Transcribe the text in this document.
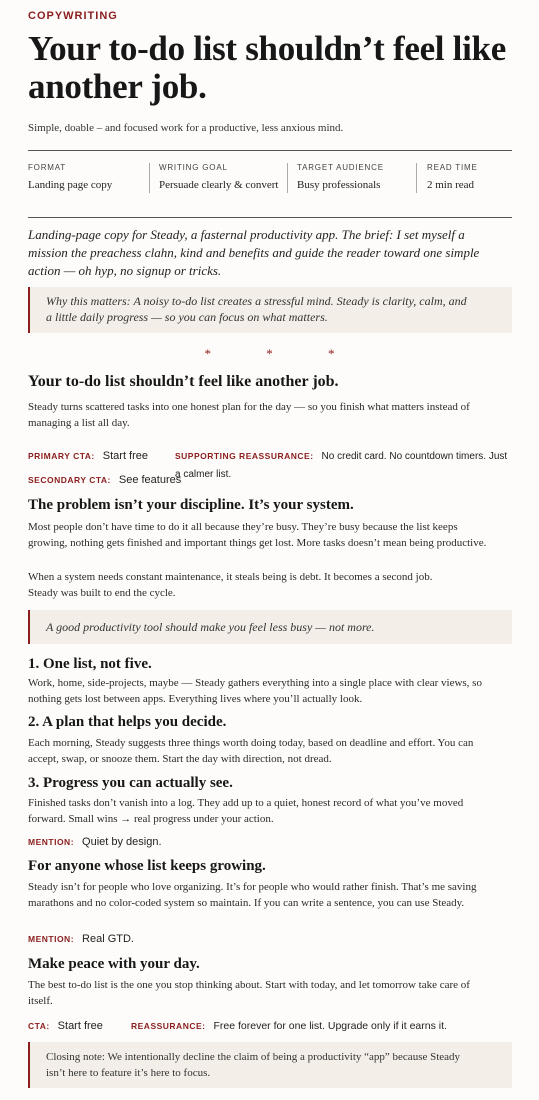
COPYWRITING
Your to-do list shouldn’t feel like another job.
Simple, doable – and focused work for a productive, less anxious mind.
FORMAT
Landing page copy
WRITING GOAL
Persuade clearly & convert
TARGET AUDIENCE
Busy professionals
READ TIME
2 min read
Landing-page copy for Steady, a fasternal productivity app. The brief: I set myself a mission the preachess clahn, kind and benefits and guide the reader toward one simple action — oh hyp, no signup or tricks.
Why this matters: A noisy to-do list creates a stressful mind. Steady is clarity, calm, and a little daily progress — so you can focus on what matters.
* * *
Your to-do list shouldn’t feel like another job.
Steady turns scattered tasks into one honest plan for the day — so you finish what matters instead of managing a list all day.
PRIMARY CTA: Start free	SUPPORTING REASSURANCE: No credit card. No countdown timers. Just a calmer list.
SECONDARY CTA: See features
The problem isn’t your discipline. It’s your system.
Most people don’t have time to do it all because they’re busy. They’re busy because the list keeps growing, nothing gets finished and important things get lost. More tasks doesn’t mean being productive.
When a system needs constant maintenance, it steals being is debt. It becomes a second job. Steady was built to end the cycle.
A good productivity tool should make you feel less busy — not more.
1. One list, not five.
Work, home, side-projects, maybe — Steady gathers everything into a single place with clear views, so nothing gets lost between apps. Everything lives where you’ll actually look.
2. A plan that helps you decide.
Each morning, Steady suggests three things worth doing today, based on deadline and effort. You can accept, swap, or snooze them. Start the day with direction, not dread.
3. Progress you can actually see.
Finished tasks don’t vanish into a log. They add up to a quiet, honest record of what you’ve moved forward. Small wins → real progress under your action.
MENTION: Quiet by design.
For anyone whose list keeps growing.
Steady isn’t for people who love organizing. It’s for people who would rather finish. That’s me saving marathons and no color-coded system so maintain. If you can write a sentence, you can use Steady.
MENTION: Real GTD.
Make peace with your day.
The best to-do list is the one you stop thinking about. Start with today, and let tomorrow take care of itself.
CTA: Start free	REASSURANCE: Free forever for one list. Upgrade only if it earns it.
Closing note: We intentionally decline the claim of being a productivity “app” because Steady isn’t here to feature it’s here to focus.
